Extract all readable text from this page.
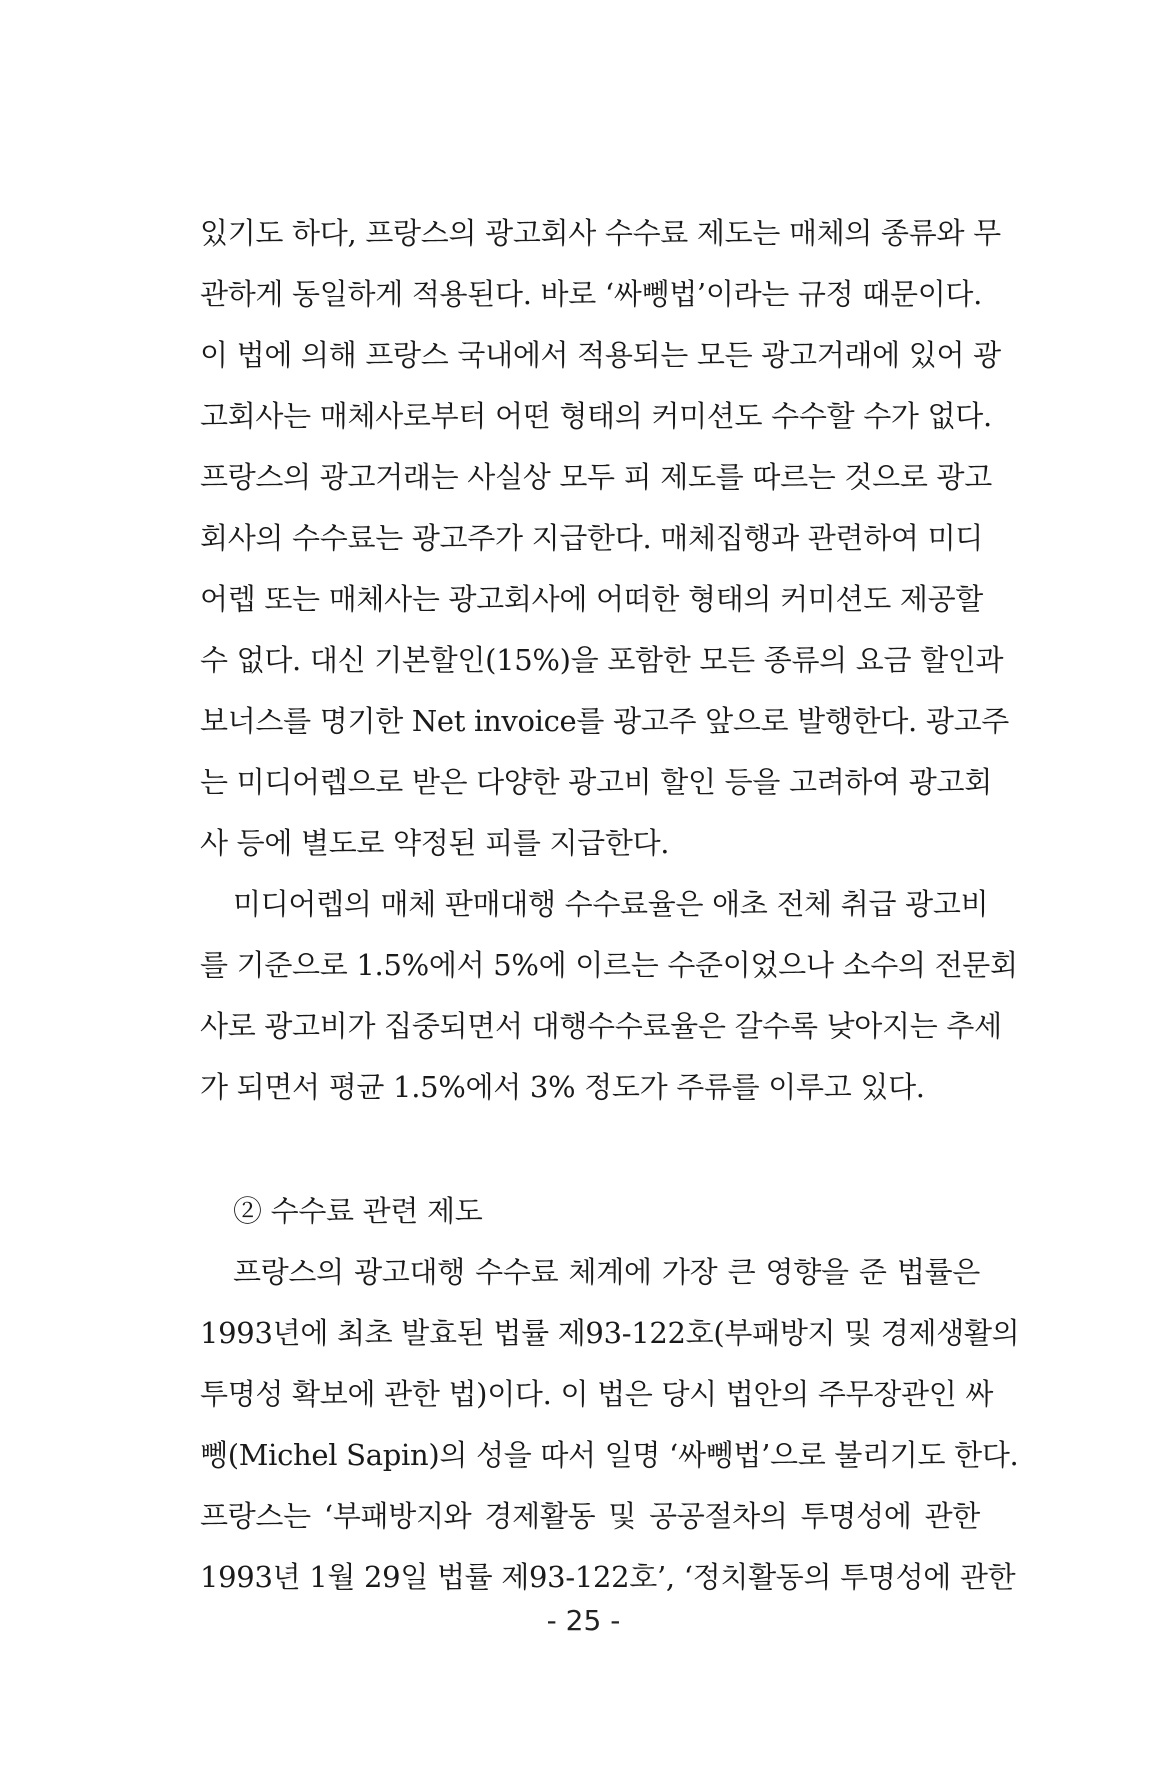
있기도 하다, 프랑스의 광고회사 수수료 제도는 매체의 종류와 무
관하게 동일하게 적용된다. 바로 ‘싸뼁법’이라는 규정 때문이다.
이 법에 의해 프랑스 국내에서 적용되는 모든 광고거래에 있어 광
고회사는 매체사로부터 어떤 형태의 커미션도 수수할 수가 없다.
프랑스의 광고거래는 사실상 모두 피 제도를 따르는 것으로 광고
회사의 수수료는 광고주가 지급한다. 매체집행과 관련하여 미디
어렙 또는 매체사는 광고회사에 어떠한 형태의 커미션도 제공할
수 없다. 대신 기본할인(15%)을 포함한 모든 종류의 요금 할인과
보너스를 명기한 Net invoice를 광고주 앞으로 발행한다. 광고주
는 미디어렙으로 받은 다양한 광고비 할인 등을 고려하여 광고회
사 등에 별도로 약정된 피를 지급한다.
미디어렙의 매체 판매대행 수수료율은 애초 전체 취급 광고비
를 기준으로 1.5%에서 5%에 이르는 수준이었으나 소수의 전문회
사로 광고비가 집중되면서 대행수수료율은 갈수록 낮아지는 추세
가 되면서 평균 1.5%에서 3% 정도가 주류를 이루고 있다.
② 수수료 관련 제도
프랑스의 광고대행 수수료 체계에 가장 큰 영향을 준 법률은
1993년에 최초 발효된 법률 제93-122호(부패방지 및 경제생활의
투명성 확보에 관한 법)이다. 이 법은 당시 법안의 주무장관인 싸
뼁(Michel Sapin)의 성을 따서 일명 ‘싸뼁법’으로 불리기도 한다.
프랑스는 ‘부패방지와 경제활동 및 공공절차의 투명성에 관한
1993년 1월 29일 법률 제93-122호’, ‘정치활동의 투명성에 관한
- 25 -
